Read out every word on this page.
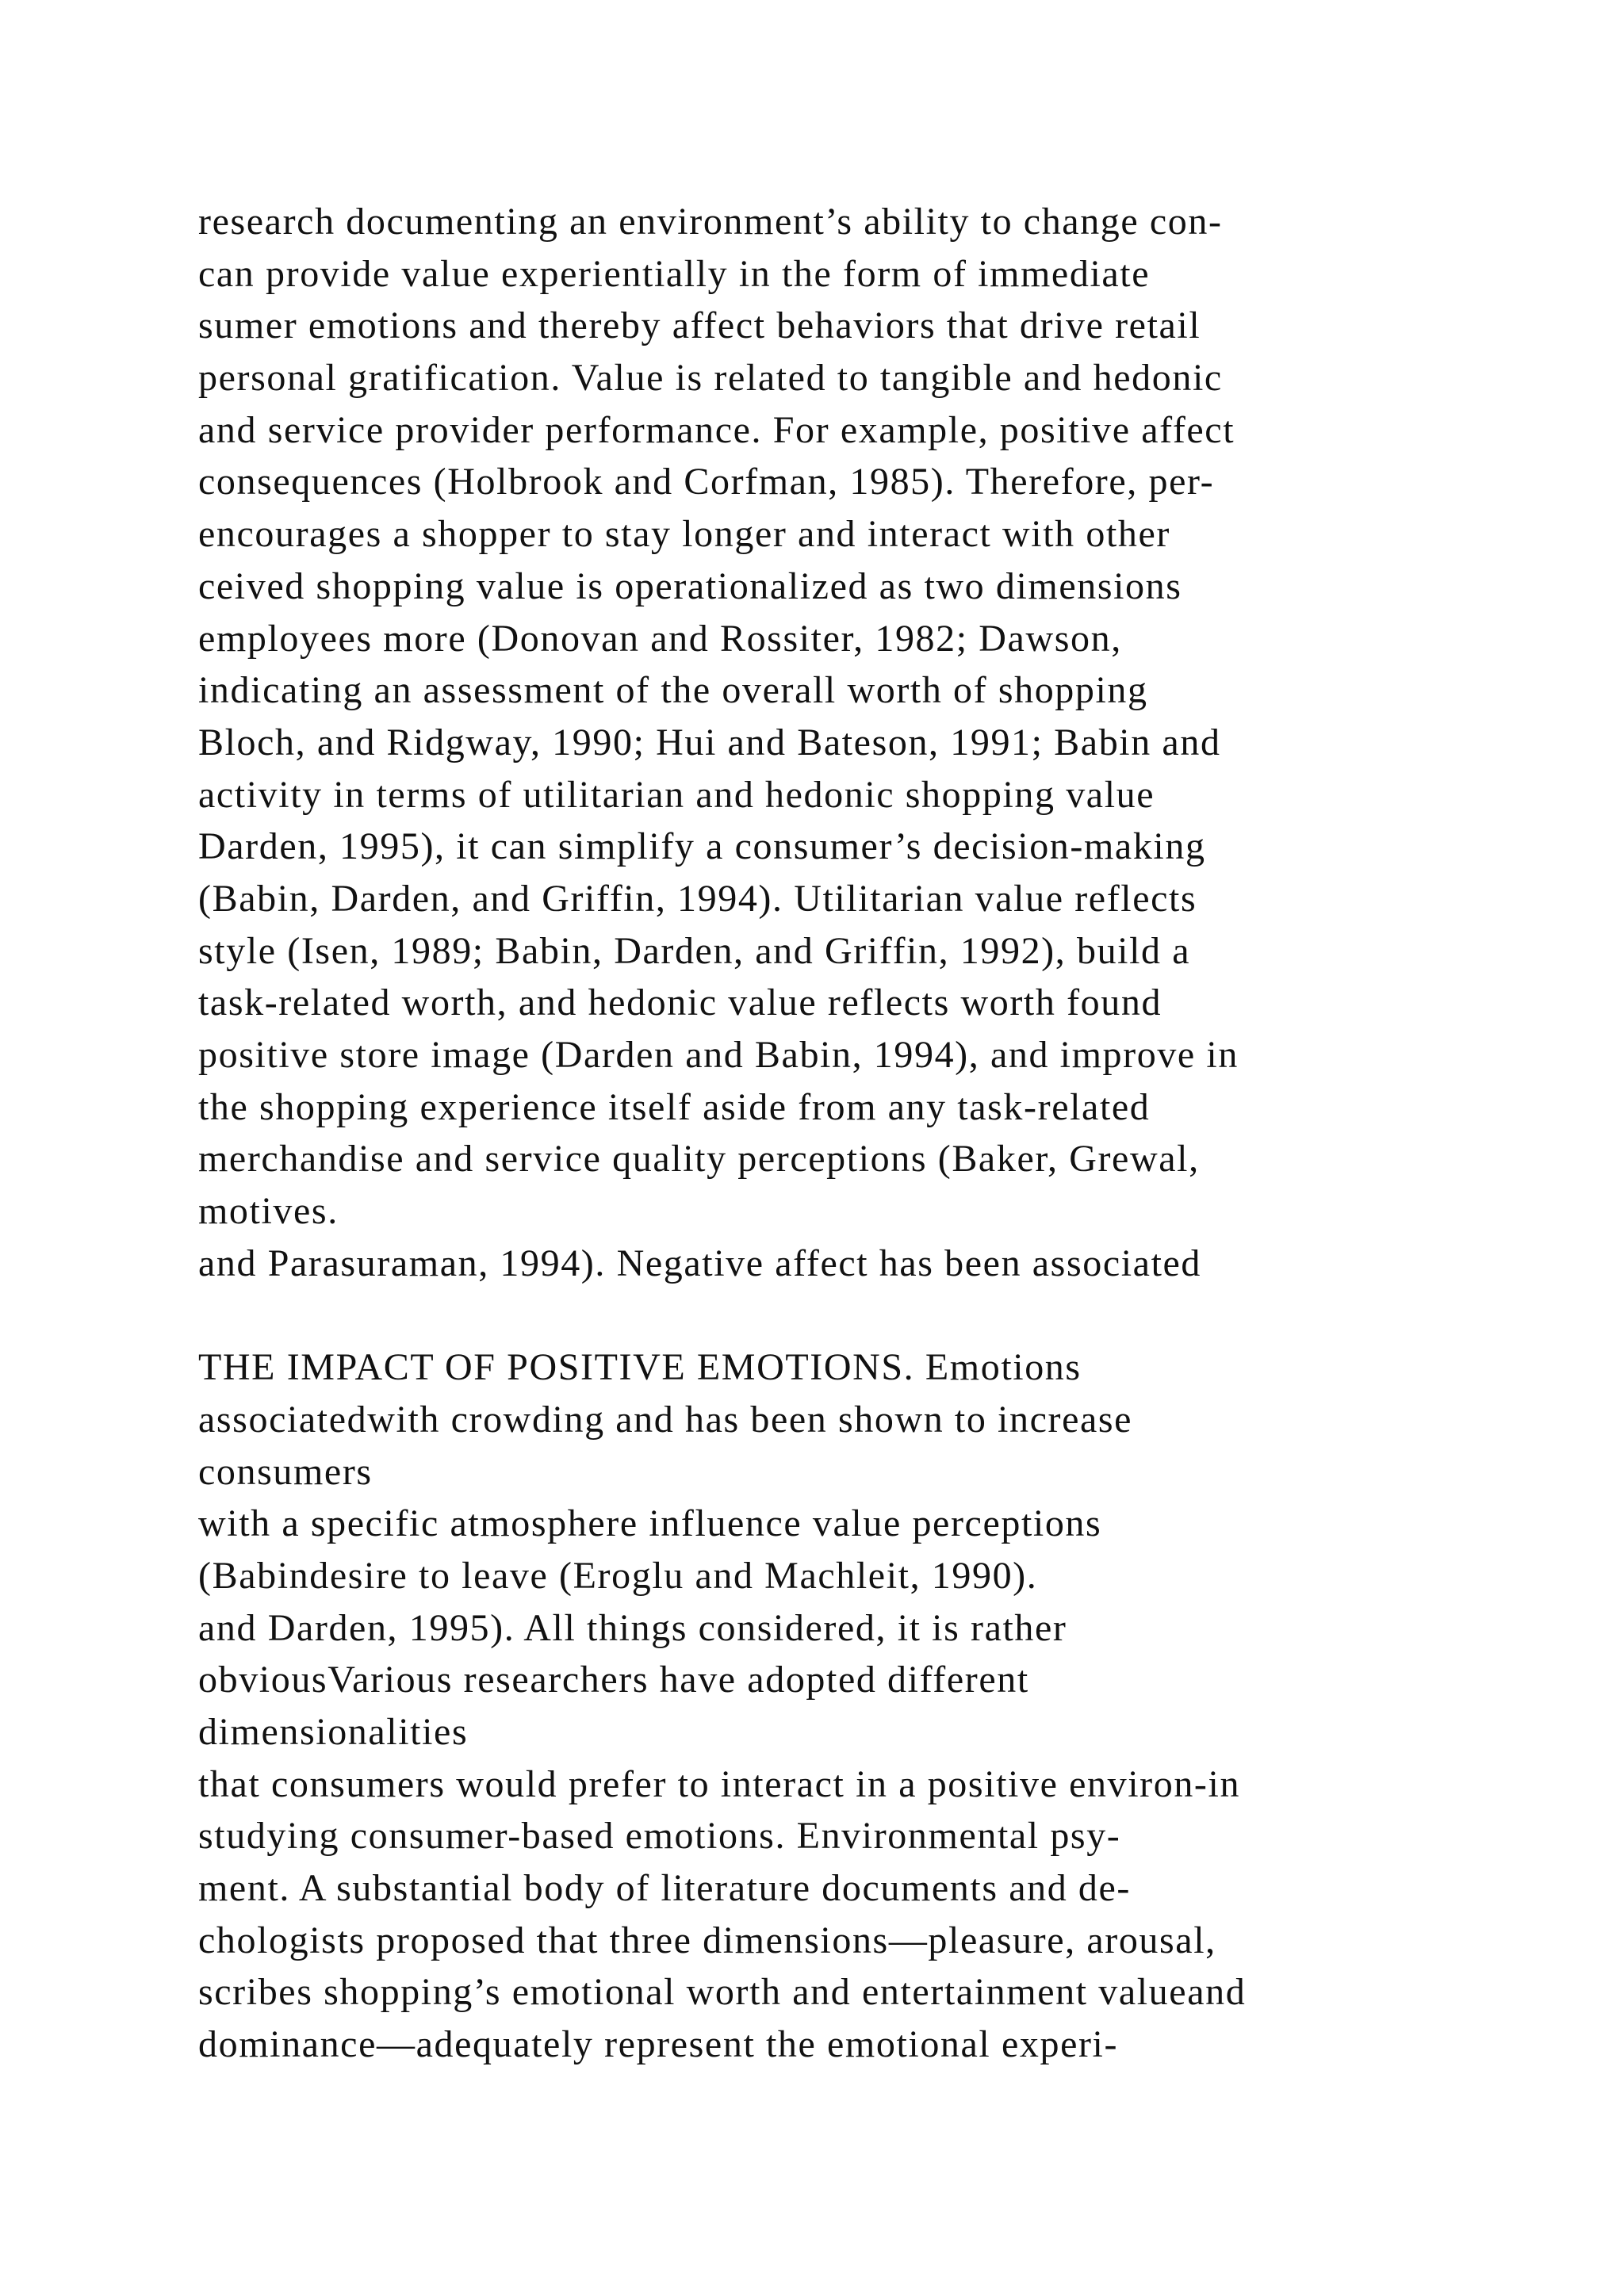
research documenting an environment’s ability to change con-
can provide value experientially in the form of immediate
sumer emotions and thereby affect behaviors that drive retail
personal gratification. Value is related to tangible and hedonic
and service provider performance. For example, positive affect
consequences (Holbrook and Corfman, 1985). Therefore, per-
encourages a shopper to stay longer and interact with other
ceived shopping value is operationalized as two dimensions
employees more (Donovan and Rossiter, 1982; Dawson,
indicating an assessment of the overall worth of shopping
Bloch, and Ridgway, 1990; Hui and Bateson, 1991; Babin and
activity in terms of utilitarian and hedonic shopping value
Darden, 1995), it can simplify a consumer’s decision-making
(Babin, Darden, and Griffin, 1994). Utilitarian value reflects
style (Isen, 1989; Babin, Darden, and Griffin, 1992), build a
task-related worth, and hedonic value reflects worth found
positive store image (Darden and Babin, 1994), and improve in
the shopping experience itself aside from any task-related
merchandise and service quality perceptions (Baker, Grewal,
motives.
and Parasuraman, 1994). Negative affect has been associated
THE IMPACT OF POSITIVE EMOTIONS. Emotions
associatedwith crowding and has been shown to increase
consumers
with a specific atmosphere influence value perceptions
(Babindesire to leave (Eroglu and Machleit, 1990).
and Darden, 1995). All things considered, it is rather
obviousVarious researchers have adopted different
dimensionalities
that consumers would prefer to interact in a positive environ-in
studying consumer-based emotions. Environmental psy-
ment. A substantial body of literature documents and de-
chologists proposed that three dimensions—pleasure, arousal,
scribes shopping’s emotional worth and entertainment valueand
dominance—adequately represent the emotional experi-
